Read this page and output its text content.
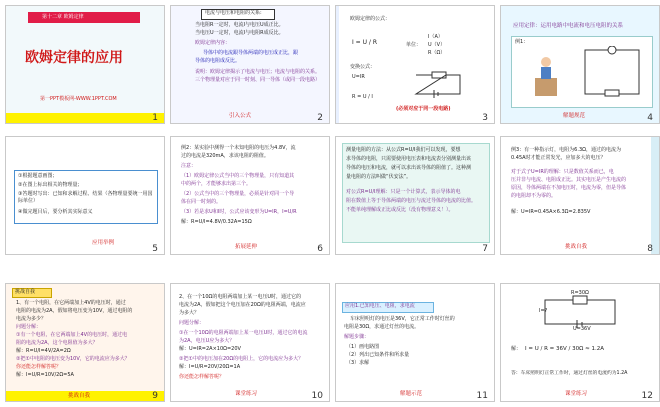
第十二章 欧姆定律
欧姆定律的应用
第一PPT模板网-WWW.1PPT.COM
1
电流与电压和电阻的关系:
当电阻R一定时，电流I与电压U成正比。
当电压U一定时，电流I与电阻R成反比。
欧姆定律内容：
导体中的电流跟导体两端的电压成正比，跟
导体的电阻成反比。
说明：欧姆定律揭示了电流与电压；电流与电阻的关系。
三个物理量对应于同一时刻、同一导体（或同一段电路）
引入公式	2
欧姆定律的公式：
I = U / R	单位：
I（A）
U（V）
R（Ω）
变换公式：
U=IR
R = U / I
(必须对应于同一段电路)
3
应用定律：运用电路中电流和电压电阻的关系
例1：
解题规范	4
①根据题意画图；
②在图上标出相关的物理量；
③答题时写出：已知和求解过程、结果（各物理量要统一用国际单位）
④做完题目后，要分析其实际意义
应用举例
5
例2：某实验中测得一个未知电阻的电压为4.8V，流
过的电流是320mA，求该电阻的阻值。
注意：
（1）欧姆定律公式当中的三个物理量，只有知道其
中的两个，才能够求出第三个。
（2）公式当中的三个物理量，必须是针对同一个导
体在同一时刻的。
（3）若是求U和I时，公式应该变形为U=IR，I=U/R
解：R=U/I=4.8V/0.32A=15Ω
拓展延伸	6
测量电阻的方法：从公式R=U/I我们可以发现，要想
求导体的电阻，只需要使用电压表和电流表分别测量出该
导体的电压和电流，就可以求出该导体的阻值了。这种测
量电阻的方法叫做“伏安法”。
对公式R=U/I理解：只是一个计算式，表示导体的电
阻在数值上等于导体两端的电压与流过导体的电流的比值。
不能单纯理解成正比或反比（没有物理意义！）。
7
例3：有一种指示灯，电阻为6.3Ω，通过的电流为
0.45A时才能正常发光，应加多大的电压？
对于式子U=IR的理解：只是数值关系而已，电
压并非与电流、电阻成正比。其实电压是产生电流的
原因，导体两端在不加电压时，电流为零，但是导体
的电阻却不为零的。
解：U=IR=0.45A×6.3Ω=2.835V
挑战自我	8
挑战自我
1、有一个电阻，在它两端加上4V的电压时，通过
电阻的电流为2A，假如将电压变为10V，通过电阻的
电流为多少？
问题分解：
①有一个电阻，在它两端加上4V的电压时，通过电
阻的电流为2A，这个电阻值为多大？
解：R=U/I=4V/2A=2Ω
②把①中电阻的电压变为10V，它的电流应为多大？
你还能怎样解答呢？
解：I=U/R=10V/2Ω=5A
挑战自我	9
2、在一个10Ω的电阻两端加上某一电压U时，通过它的
电流为2A，假如把这个电压加在20Ω的电阻两端，电流应
为多大？
问题分解：
①在一个10Ω的电阻两端加上某一电压U时，通过它的电流
为2A，电压U应为多大？
解：U=IR=2A×10Ω=20V
②把①中的电压加在20Ω的电阻上，它的电流应为多大？
解：I=U/R=20V/20Ω=1A
你还能怎样解答呢？
课堂练习	10
应用1.已知电压、电阻，求电流
车床照明灯的电压是36V，它正常工作时灯丝的
电阻是30Ω，求通过灯丝的电流。
解题步骤：
（1）画电路图
（2）列出已知条件和所求量
（3）求解
解题示范	11
R=30Ω
I=?
U=36V
解： I = U / R = 36V / 30Ω ≈ 1.2A
答：车床照明灯正常工作时，通过灯丝的电流约为1.2A
课堂练习	12
